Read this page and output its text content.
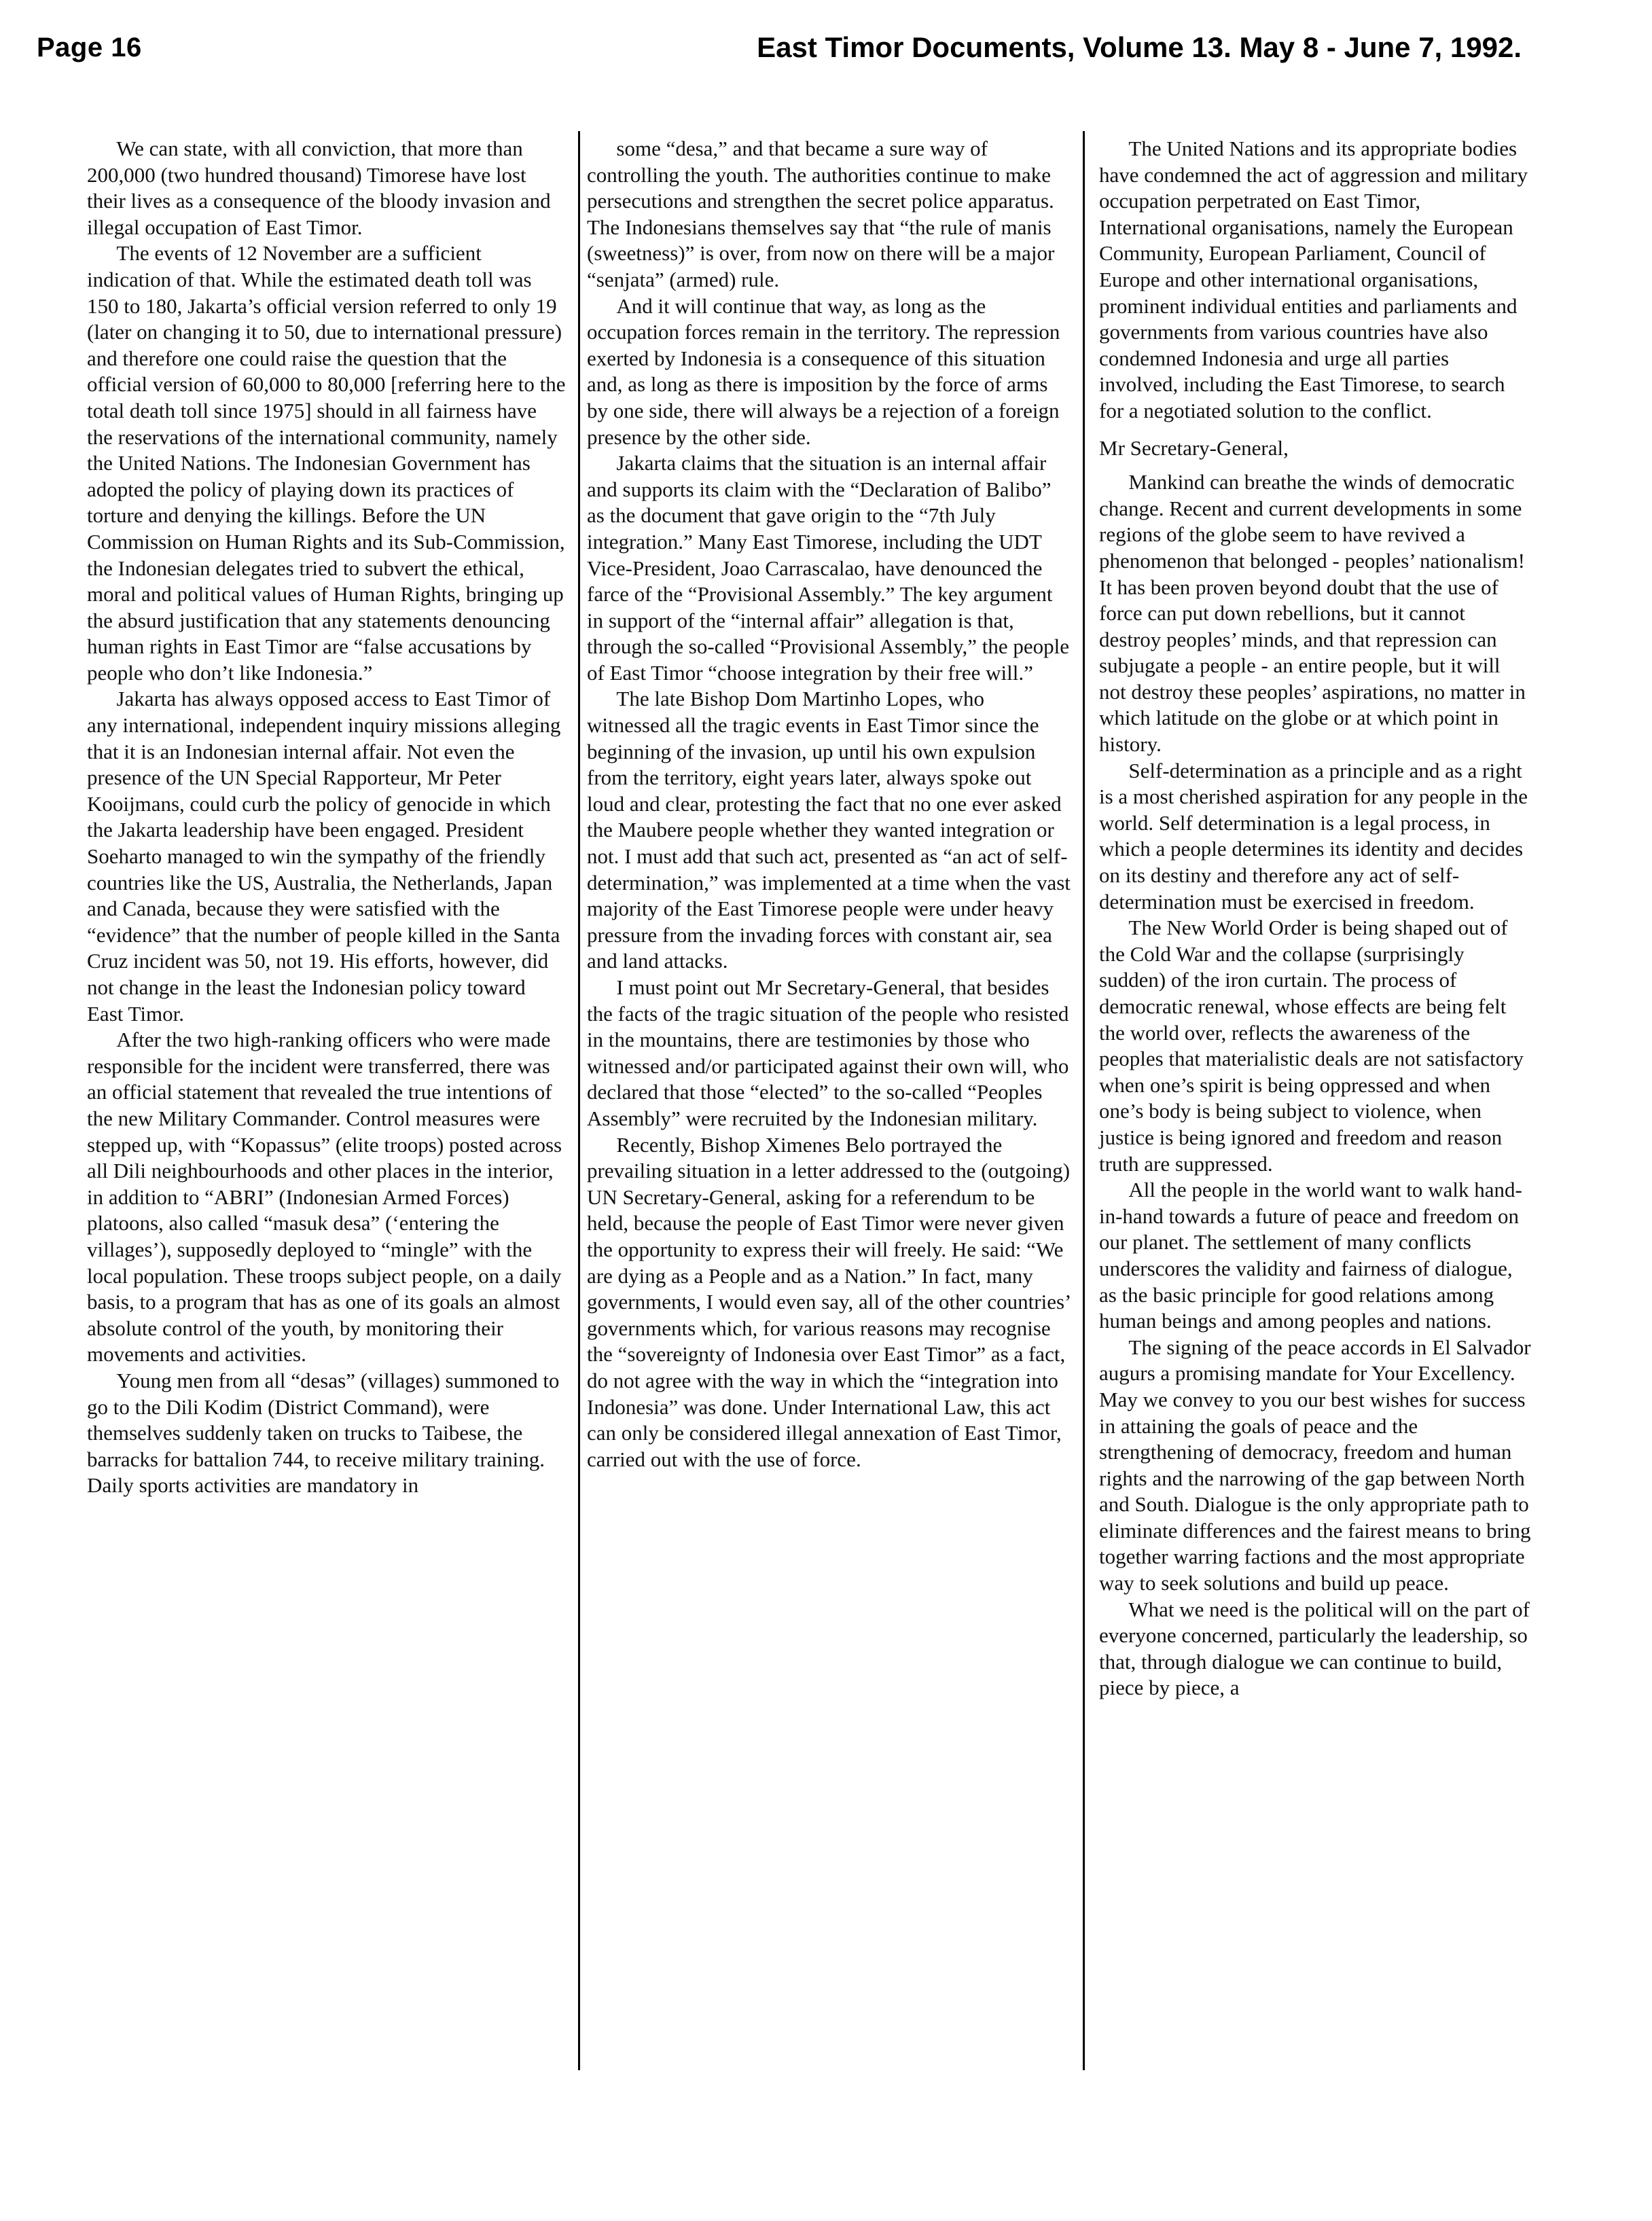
Page 16	East Timor Documents, Volume 13. May 8 - June 7, 1992.

We can state, with all conviction, that more than 200,000 (two hundred thousand) Timorese have lost their lives as a consequence of the bloody invasion and illegal occupation of East Timor.

The events of 12 November are a sufficient indication of that. While the estimated death toll was 150 to 180, Jakarta’s official version referred to only 19 (later on changing it to 50, due to international pressure) and therefore one could raise the question that the official version of 60,000 to 80,000 [referring here to the total death toll since 1975] should in all fairness have the reservations of the international community, namely the United Nations. The Indonesian Government has adopted the policy of playing down its practices of torture and denying the killings. Before the UN Commission on Human Rights and its Sub-Commission, the Indonesian delegates tried to subvert the ethical, moral and political values of Human Rights, bringing up the absurd justification that any statements denouncing human rights in East Timor are “false accusations by people who don’t like Indonesia.”

Jakarta has always opposed access to East Timor of any international, independent inquiry missions alleging that it is an Indonesian internal affair. Not even the presence of the UN Special Rapporteur, Mr Peter Kooijmans, could curb the policy of genocide in which the Jakarta leadership have been engaged. President Soeharto managed to win the sympathy of the friendly countries like the US, Australia, the Netherlands, Japan and Canada, because they were satisfied with the “evidence” that the number of people killed in the Santa Cruz incident was 50, not 19. His efforts, however, did not change in the least the Indonesian policy toward East Timor.

After the two high-ranking officers who were made responsible for the incident were transferred, there was an official statement that revealed the true intentions of the new Military Commander. Control measures were stepped up, with “Kopassus” (elite troops) posted across all Dili neighbourhoods and other places in the interior, in addition to “ABRI” (Indonesian Armed Forces) platoons, also called “masuk desa” (‘entering the villages’), supposedly deployed to “mingle” with the local population. These troops subject people, on a daily basis, to a program that has as one of its goals an almost absolute control of the youth, by monitoring their movements and activities.

Young men from all “desas” (villages) summoned to go to the Dili Kodim (District Command), were themselves suddenly taken on trucks to Taibese, the barracks for battalion 744, to receive military training. Daily sports activities are mandatory in

some “desa,” and that became a sure way of controlling the youth. The authorities continue to make persecutions and strengthen the secret police apparatus. The Indonesians themselves say that “the rule of manis (sweetness)” is over, from now on there will be a major “senjata” (armed) rule.

And it will continue that way, as long as the occupation forces remain in the territory. The repression exerted by Indonesia is a consequence of this situation and, as long as there is imposition by the force of arms by one side, there will always be a rejection of a foreign presence by the other side.

Jakarta claims that the situation is an internal affair and supports its claim with the “Declaration of Balibo” as the document that gave origin to the “7th July integration.” Many East Timorese, including the UDT Vice-President, Joao Carrascalao, have denounced the farce of the “Provisional Assembly.” The key argument in support of the “internal affair” allegation is that, through the so-called “Provisional Assembly,” the people of East Timor “choose integration by their free will.”

The late Bishop Dom Martinho Lopes, who witnessed all the tragic events in East Timor since the beginning of the invasion, up until his own expulsion from the territory, eight years later, always spoke out loud and clear, protesting the fact that no one ever asked the Maubere people whether they wanted integration or not. I must add that such act, presented as “an act of self-determination,” was implemented at a time when the vast majority of the East Timorese people were under heavy pressure from the invading forces with constant air, sea and land attacks.

I must point out Mr Secretary-General, that besides the facts of the tragic situation of the people who resisted in the mountains, there are testimonies by those who witnessed and/or participated against their own will, who declared that those “elected” to the so-called “Peoples Assembly” were recruited by the Indonesian military.

Recently, Bishop Ximenes Belo portrayed the prevailing situation in a letter addressed to the (outgoing) UN Secretary-General, asking for a referendum to be held, because the people of East Timor were never given the opportunity to express their will freely. He said: “We are dying as a People and as a Nation.” In fact, many governments, I would even say, all of the other countries’ governments which, for various reasons may recognise the “sovereignty of Indonesia over East Timor” as a fact, do not agree with the way in which the “integration into Indonesia” was done. Under International Law, this act can only be considered illegal annexation of East Timor, carried out with the use of force.

The United Nations and its appropriate bodies have condemned the act of aggression and military occupation perpetrated on East Timor, International organisations, namely the European Community, European Parliament, Council of Europe and other international organisations, prominent individual entities and parliaments and governments from various countries have also condemned Indonesia and urge all parties involved, including the East Timorese, to search for a negotiated solution to the conflict.

Mr Secretary-General,

Mankind can breathe the winds of democratic change. Recent and current developments in some regions of the globe seem to have revived a phenomenon that belonged - peoples’ nationalism! It has been proven beyond doubt that the use of force can put down rebellions, but it cannot destroy peoples’ minds, and that repression can subjugate a people - an entire people, but it will not destroy these peoples’ aspirations, no matter in which latitude on the globe or at which point in history.

Self-determination as a principle and as a right is a most cherished aspiration for any people in the world. Self determination is a legal process, in which a people determines its identity and decides on its destiny and therefore any act of self-determination must be exercised in freedom.

The New World Order is being shaped out of the Cold War and the collapse (surprisingly sudden) of the iron curtain. The process of democratic renewal, whose effects are being felt the world over, reflects the awareness of the peoples that materialistic deals are not satisfactory when one’s spirit is being oppressed and when one’s body is being subject to violence, when justice is being ignored and freedom and reason truth are suppressed.

All the people in the world want to walk hand-in-hand towards a future of peace and freedom on our planet. The settlement of many conflicts underscores the validity and fairness of dialogue, as the basic principle for good relations among human beings and among peoples and nations.

The signing of the peace accords in El Salvador augurs a promising mandate for Your Excellency. May we convey to you our best wishes for success in attaining the goals of peace and the strengthening of democracy, freedom and human rights and the narrowing of the gap between North and South. Dialogue is the only appropriate path to eliminate differences and the fairest means to bring together warring factions and the most appropriate way to seek solutions and build up peace.

What we need is the political will on the part of everyone concerned, particularly the leadership, so that, through dialogue we can continue to build, piece by piece, a
